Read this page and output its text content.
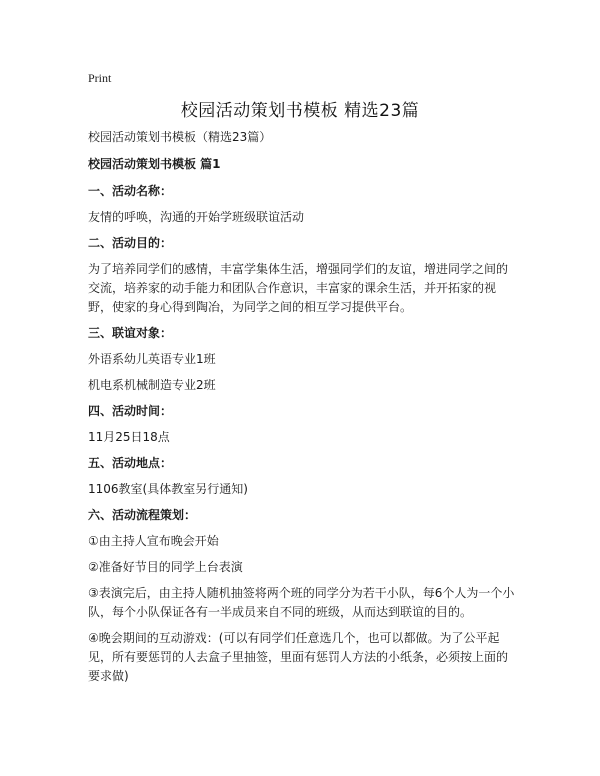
Print
校园活动策划书模板 精选23篇

校园活动策划书模板（精选23篇）

校园活动策划书模板 篇1

一、活动名称：

友情的呼唤，沟通的开始学班级联谊活动

二、活动目的：

为了培养同学们的感情，丰富学集体生活，增强同学们的友谊，增进同学之间的交流，培养家的动手能力和团队合作意识，丰富家的课余生活，并开拓家的视野，使家的身心得到陶冶，为同学之间的相互学习提供平台。

三、联谊对象：

外语系幼儿英语专业1班

机电系机械制造专业2班

四、活动时间：

11月25日18点

五、活动地点：

1106教室(具体教室另行通知)

六、活动流程策划：

①由主持人宣布晚会开始

②准备好节目的同学上台表演

③表演完后，由主持人随机抽签将两个班的同学分为若干小队，每6个人为一个小队，每个小队保证各有一半成员来自不同的班级，从而达到联谊的目的。

④晚会期间的互动游戏：(可以有同学们任意选几个，也可以都做。为了公平起见，所有要惩罚的人去盒子里抽签，里面有惩罚人方法的小纸条，必须按上面的要求做)
